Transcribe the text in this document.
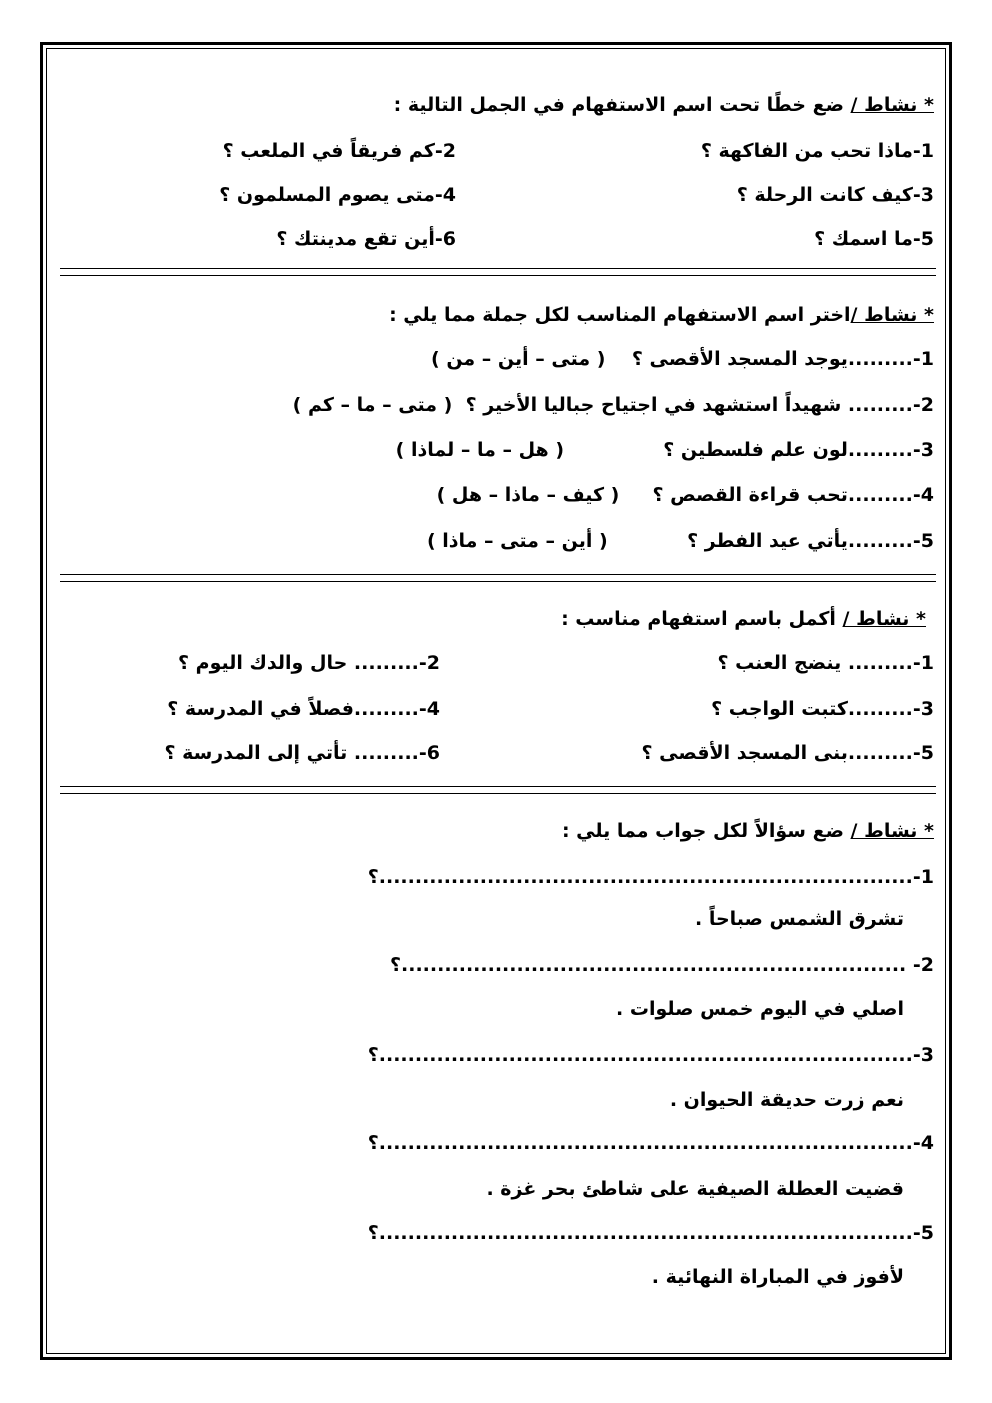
* نشاط / ضع خطًا تحت اسم الاستفهام في الجمل التالية :
1-ماذا تحب من الفاكهة ؟
2-كم فريقاً في الملعب ؟
3-كيف كانت الرحلة ؟
4-متى يصوم المسلمون ؟
5-ما اسمك ؟
6-أين تقع مدينتك ؟
* نشاط /اختر اسم الاستفهام المناسب لكل جملة مما يلي :
1-.........يوجد المسجد الأقصى ؟    ( متى – أين – من )
2-......... شهيداً استشهد في اجتياح جباليا الأخير ؟  ( متى – ما – كم )
3-.........لون علم فلسطين ؟               ( هل – ما – لماذا )
4-.........تحب قراءة القصص ؟     ( كيف – ماذا – هل )
5-.........يأتي عيد الفطر ؟            ( أين – متى – ماذا )
* نشاط / أكمل باسم استفهام مناسب :
1-......... ينضج العنب ؟
2-......... حال والدك اليوم ؟
3-.........كتبت الواجب ؟
4-.........فصلاً في المدرسة ؟
5-.........بنى المسجد الأقصى ؟
6-......... تأتي إلى المدرسة ؟
* نشاط / ضع سؤالاً لكل جواب مما يلي :
1-..........................................................................؟
تشرق الشمس صباحاً .
2- ......................................................................؟
اصلي في اليوم خمس صلوات .
3-..........................................................................؟
نعم زرت حديقة الحيوان .
4-..........................................................................؟
قضيت العطلة الصيفية على شاطئ بحر غزة .
5-..........................................................................؟
لأفوز في المباراة النهائية .
